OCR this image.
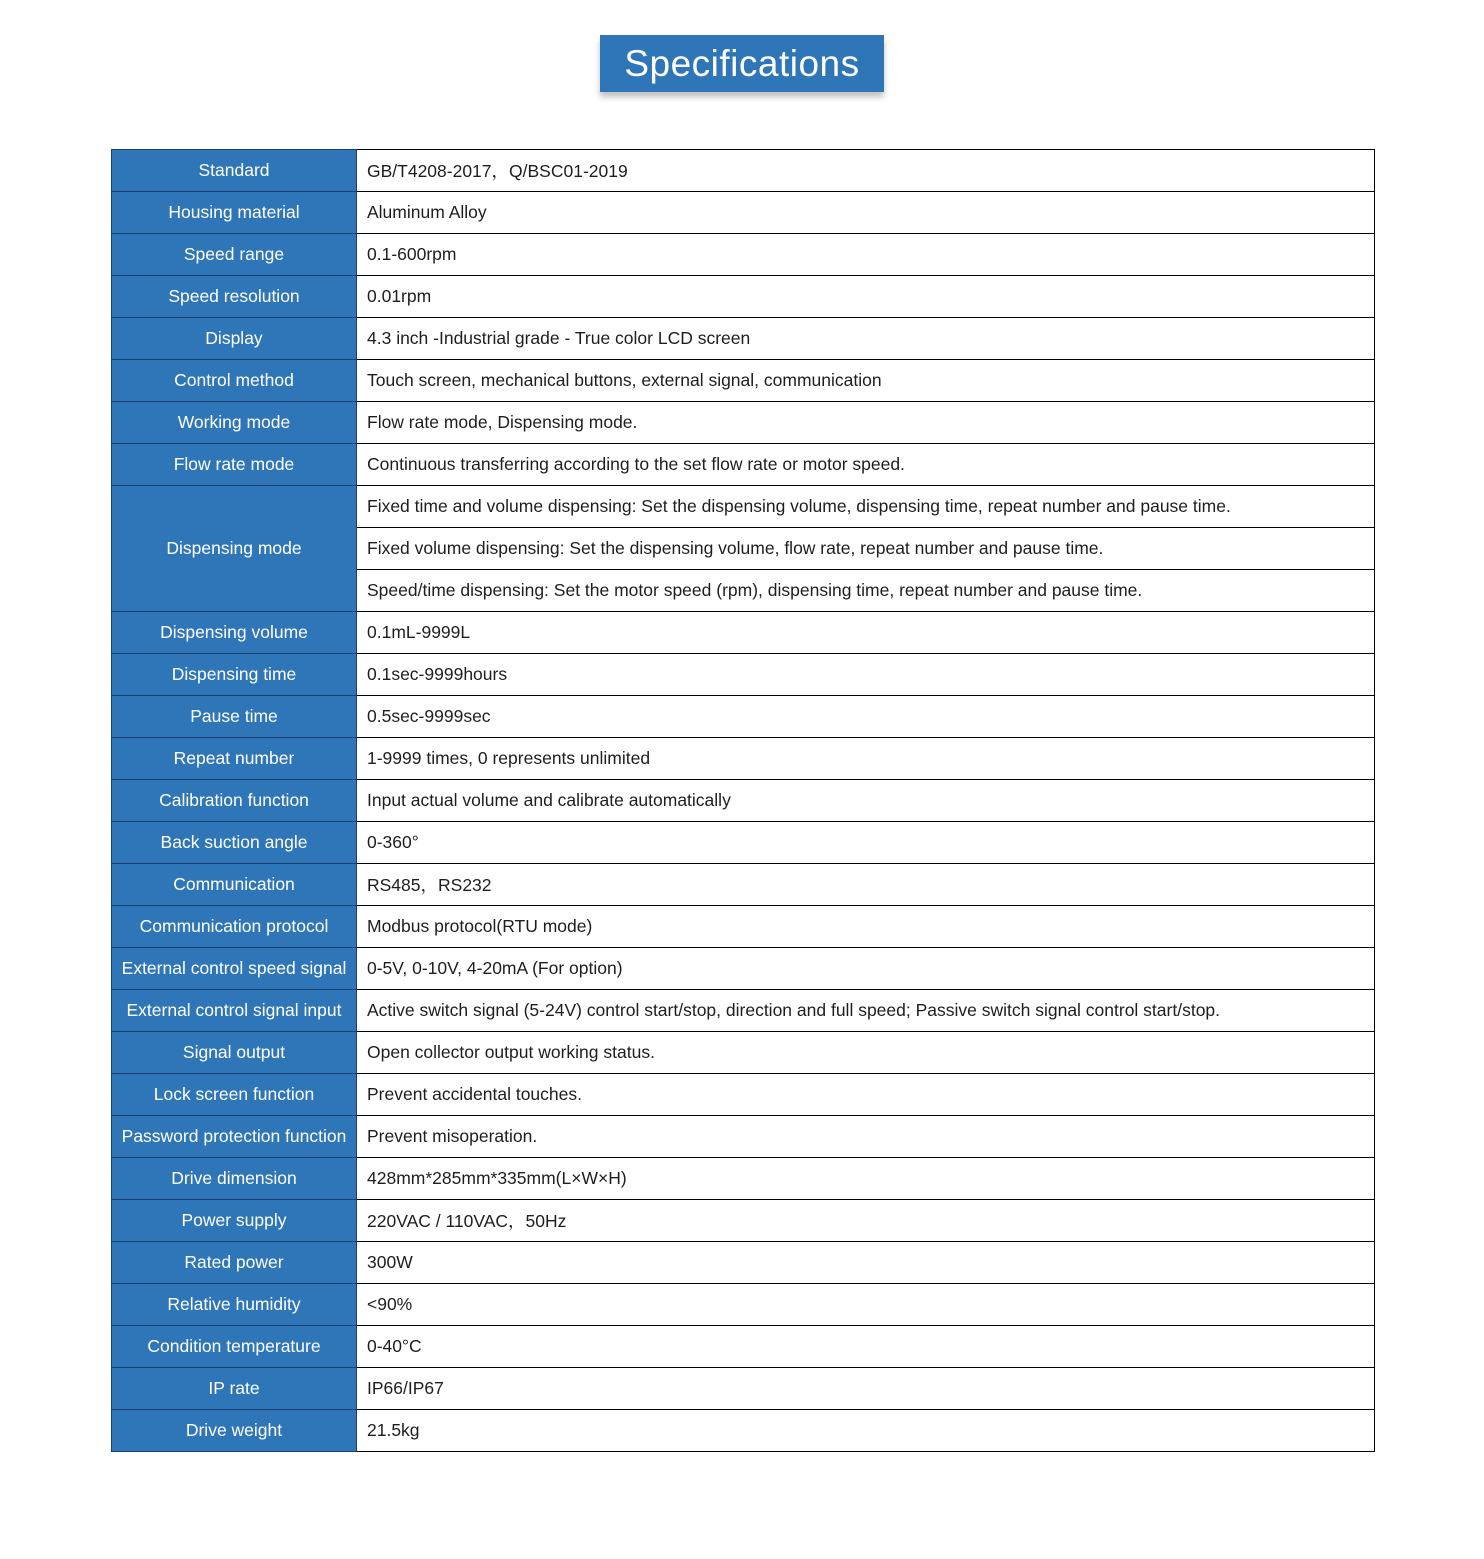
Specifications
Standard	GB/T4208-2017，Q/BSC01-2019
Housing material	Aluminum Alloy
Speed range	0.1-600rpm
Speed resolution	0.01rpm
Display	4.3 inch -Industrial grade - True color LCD screen
Control method	Touch screen, mechanical buttons, external signal, communication
Working mode	Flow rate mode, Dispensing mode.
Flow rate mode	Continuous transferring according to the set flow rate or motor speed.
Dispensing mode	Fixed time and volume dispensing: Set the dispensing volume, dispensing time, repeat number and pause time.
	Fixed volume dispensing: Set the dispensing volume, flow rate, repeat number and pause time.
	Speed/time dispensing: Set the motor speed (rpm), dispensing time, repeat number and pause time.
Dispensing volume	0.1mL-9999L
Dispensing time	0.1sec-9999hours
Pause time	0.5sec-9999sec
Repeat number	1-9999 times, 0 represents unlimited
Calibration function	Input actual volume and calibrate automatically
Back suction angle	0-360°
Communication	RS485，RS232
Communication protocol	Modbus protocol(RTU mode)
External control speed signal	0-5V, 0-10V, 4-20mA (For option)
External control signal input	Active switch signal (5-24V) control start/stop, direction and full speed; Passive switch signal control start/stop.
Signal output	Open collector output working status.
Lock screen function	Prevent accidental touches.
Password protection function	Prevent misoperation.
Drive dimension	428mm*285mm*335mm(L×W×H)
Power supply	220VAC / 110VAC，50Hz
Rated power	300W
Relative humidity	<90%
Condition temperature	0-40°C
IP rate	IP66/IP67
Drive weight	21.5kg
